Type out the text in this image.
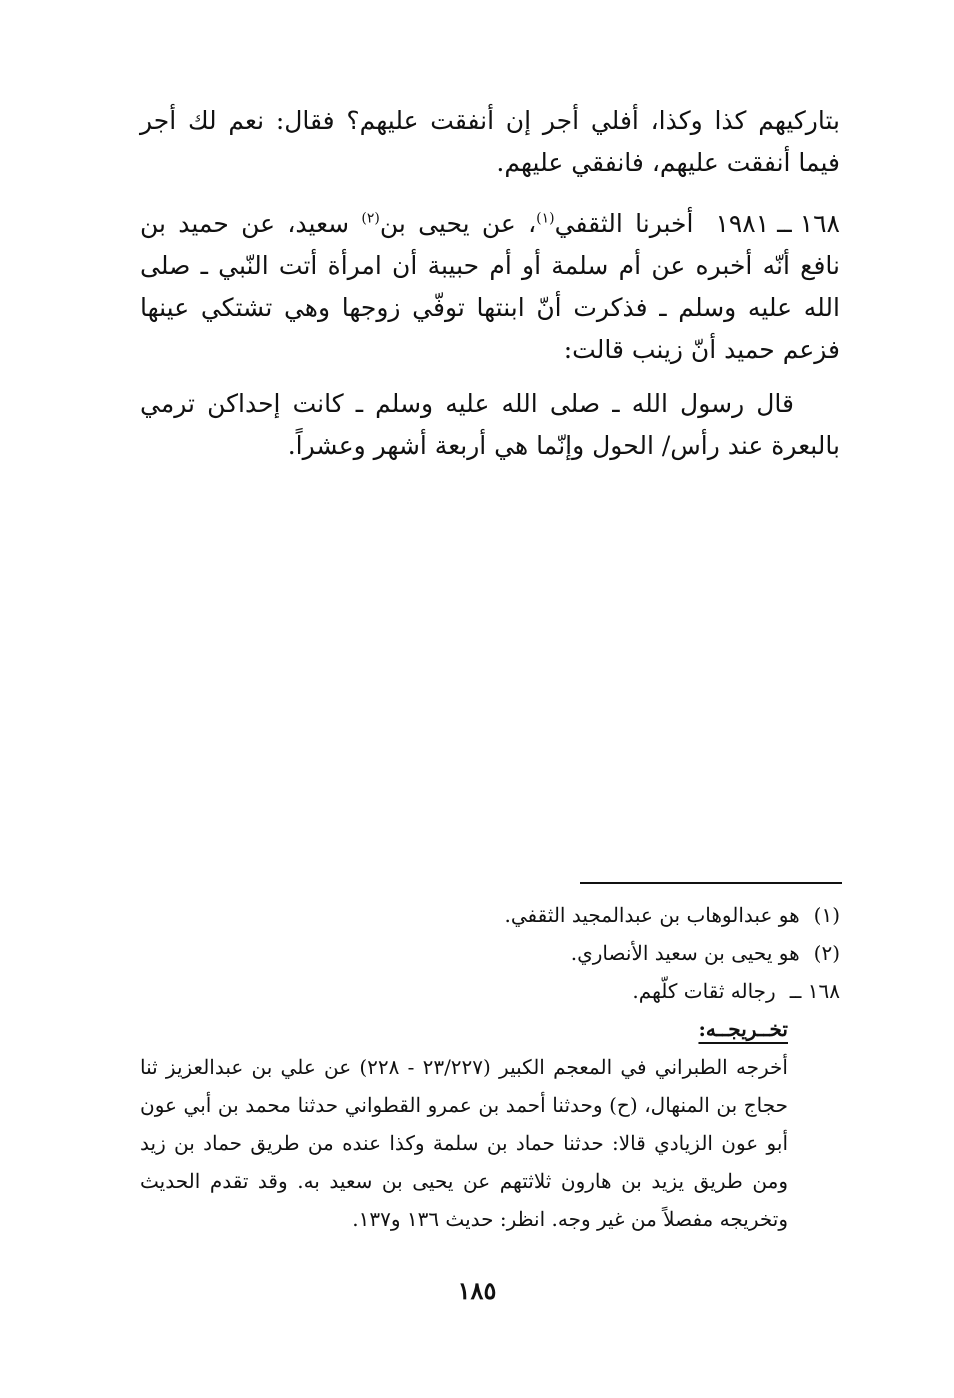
بتاركيهم كذا وكذا، أفلي أجر إن أنفقت عليهم؟ فقال: نعم لك أجر فيما أنفقت عليهم، فانفقي عليهم.
١٦٨ ــ ١٩٨١أخبرنا الثقفي$^{(١)}$، عن يحيى بن$^{(٢)}$ سعيد، عن حميد بن نافع أنّه أخبره عن أم سلمة أو أم حبيبة أن امرأة أتت النّبي ـ صلى الله عليه وسلم ـ فذكرت أنّ ابنتها توفّي زوجها وهي تشتكي عينها فزعم حميد أنّ زينب قالت:
قال رسول الله ـ صلى الله عليه وسلم ـ كانت إحداكن ترمي بالبعرة عند رأس/ الحول وإنّما هي أربعة أشهر وعشراً.
(١)هو عبدالوهاب بن عبدالمجيد الثقفي.
(٢)هو يحيى بن سعيد الأنصاري.
١٦٨ ــرجاله ثقات كلّهم.
تخــريجــه:
أخرجه الطبراني في المعجم الكبير (٢٣/٢٢٧ - ٢٢٨) عن علي بن عبدالعزيز ثنا حجاج بن المنهال، (ح) وحدثنا أحمد بن عمرو القطواني حدثنا محمد بن أبي عون أبو عون الزيادي قالا: حدثنا حماد بن سلمة وكذا عنده من طريق حماد بن زيد ومن طريق يزيد بن هارون ثلاثتهم عن يحيى بن سعيد به. وقد تقدم الحديث وتخريجه مفصلاً من غير وجه. انظر: حديث ١٣٦ و١٣٧.
١٨٥
